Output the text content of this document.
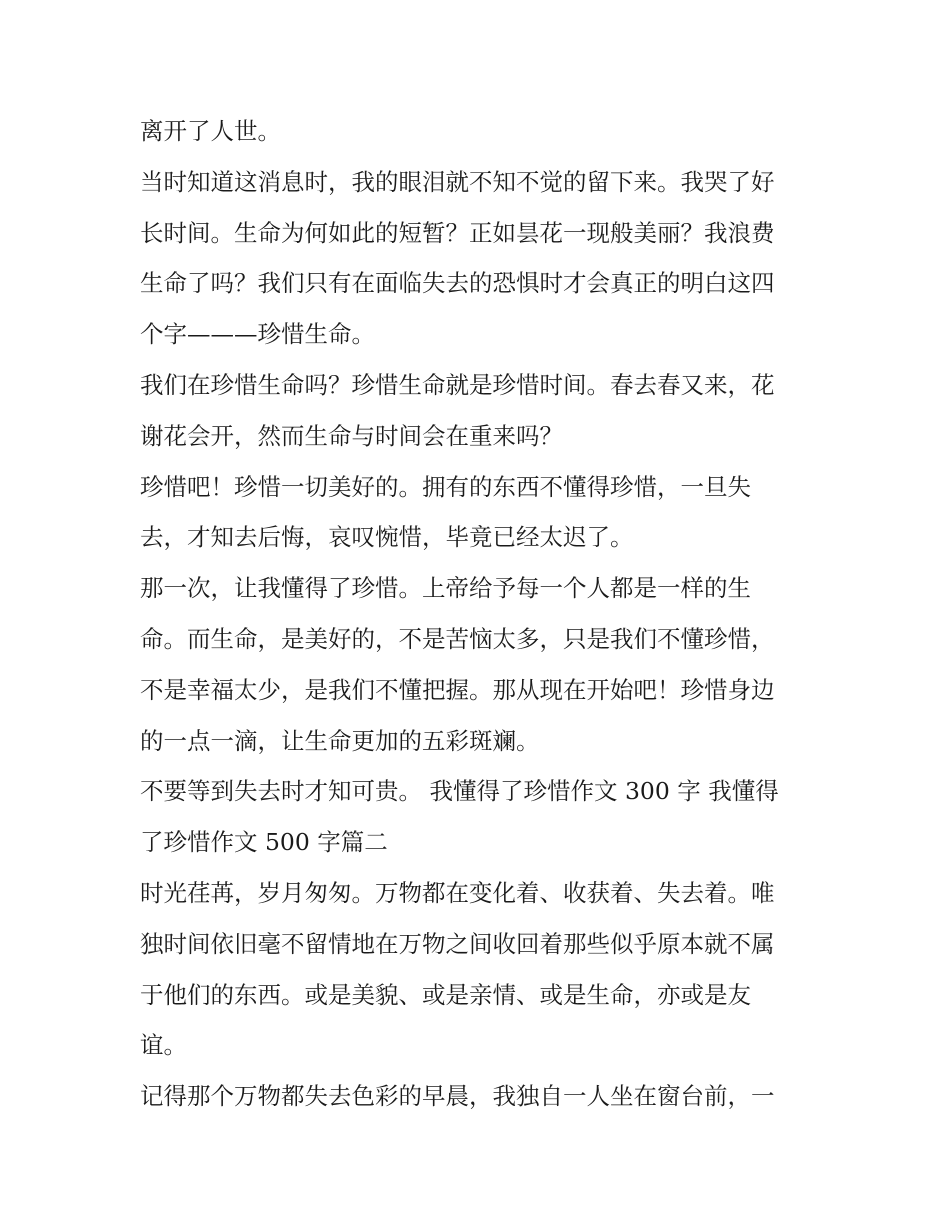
离开了人世。

当时知道这消息时，我的眼泪就不知不觉的留下来。我哭了好
长时间。生命为何如此的短暂？正如昙花一现般美丽？我浪费
生命了吗？我们只有在面临失去的恐惧时才会真正的明白这四
个字———珍惜生命。

我们在珍惜生命吗？珍惜生命就是珍惜时间。春去春又来，花
谢花会开，然而生命与时间会在重来吗？

珍惜吧！珍惜一切美好的。拥有的东西不懂得珍惜，一旦失
去，才知去后悔，哀叹惋惜，毕竟已经太迟了。

那一次，让我懂得了珍惜。上帝给予每一个人都是一样的生
命。而生命，是美好的，不是苦恼太多，只是我们不懂珍惜，
不是幸福太少，是我们不懂把握。那从现在开始吧！珍惜身边
的一点一滴，让生命更加的五彩斑斓。

不要等到失去时才知可贵。 我懂得了珍惜作文 300 字 我懂得
了珍惜作文 500 字篇二

时光荏苒，岁月匆匆。万物都在变化着、收获着、失去着。唯
独时间依旧毫不留情地在万物之间收回着那些似乎原本就不属
于他们的东西。或是美貌、或是亲情、或是生命，亦或是友
谊。

记得那个万物都失去色彩的早晨，我独自一人坐在窗台前，一
